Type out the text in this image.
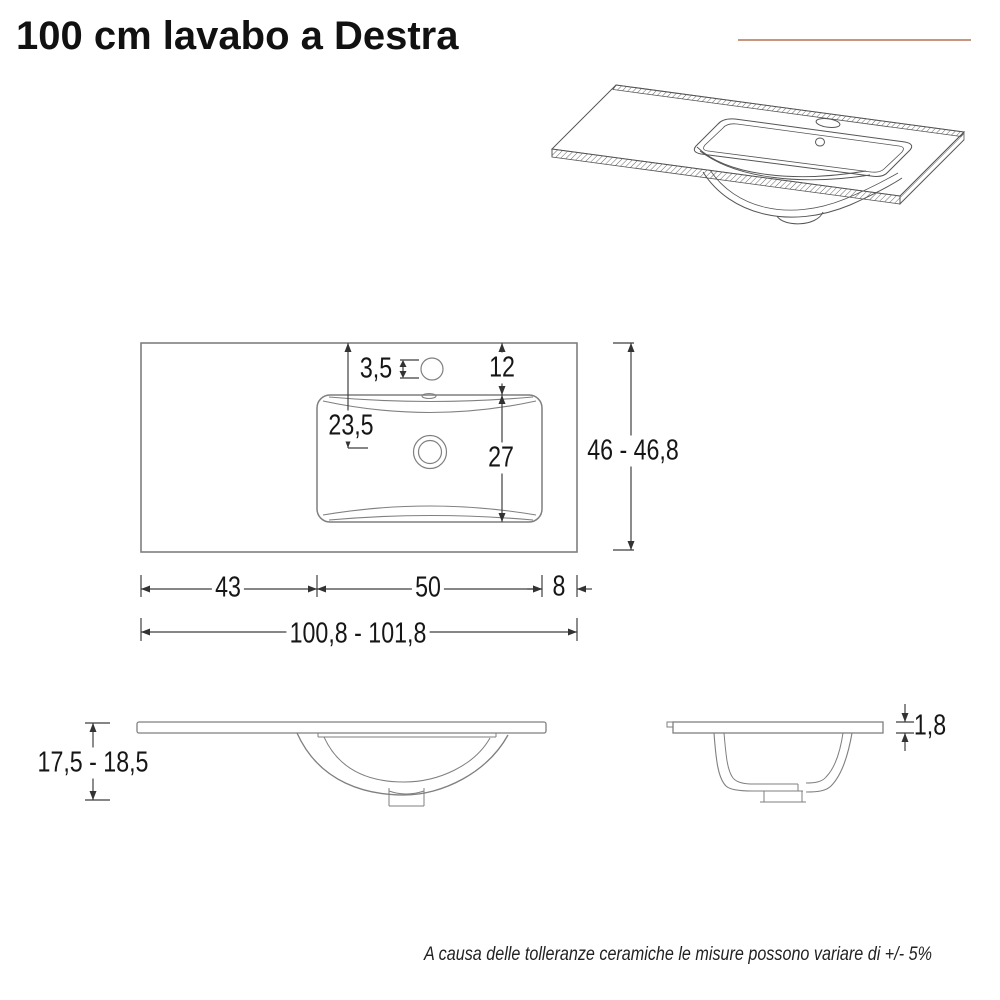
100 cm lavabo a Destra
3,5	12
23,5
27	46 - 46,8
43	50	8
100,8 - 101,8
17,5 - 18,5
1,8
A causa delle tolleranze ceramiche le misure possono variare di +/- 5%
